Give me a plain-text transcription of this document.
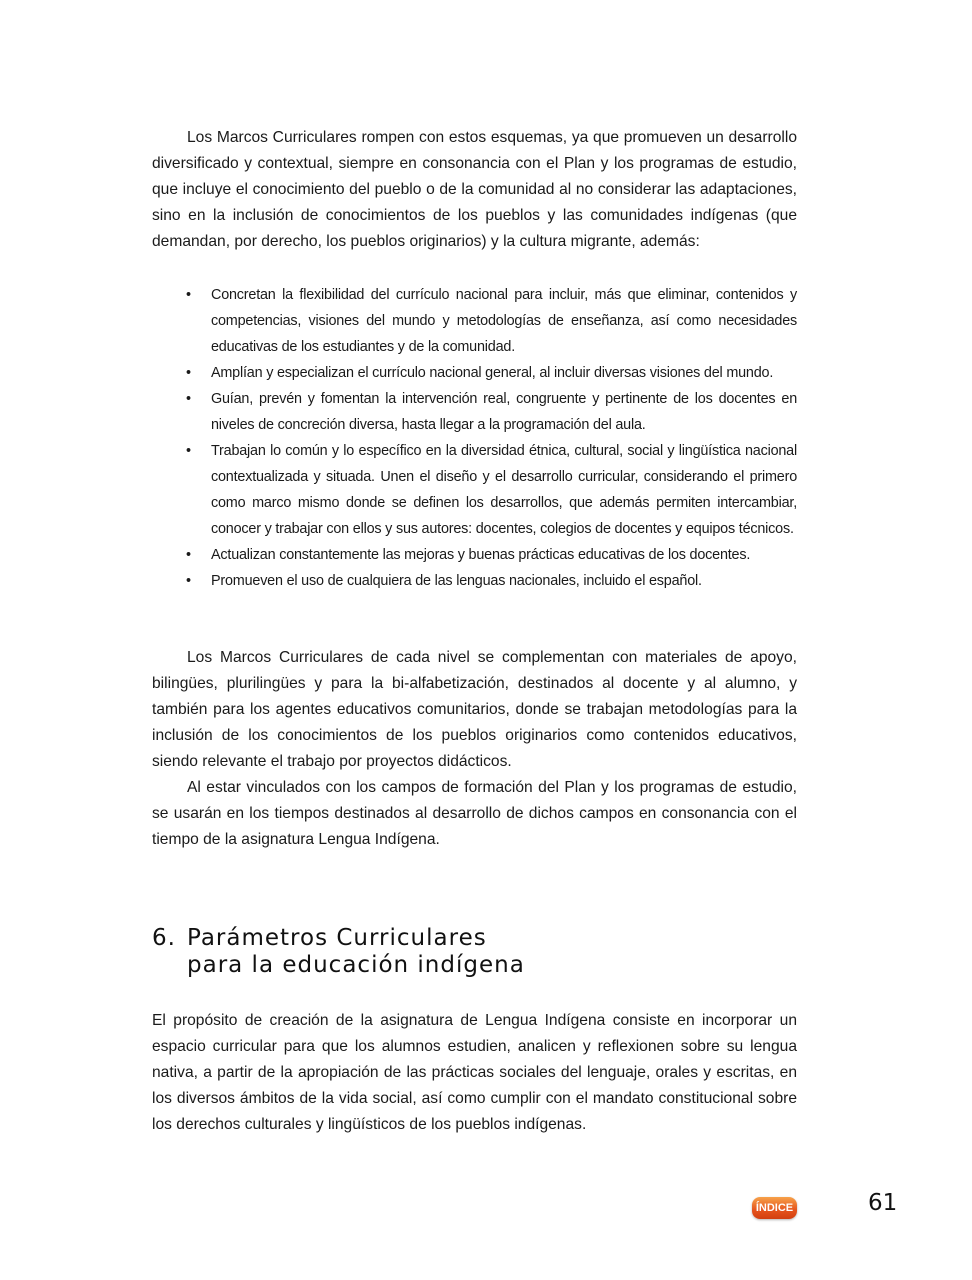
Los Marcos Curriculares rompen con estos esquemas, ya que promueven un desarrollo diversificado y contextual, siempre en consonancia con el Plan y los programas de estudio, que incluye el conocimiento del pueblo o de la comunidad al no considerar las adaptaciones, sino en la inclusión de conocimientos de los pueblos y las comunidades indígenas (que demandan, por derecho, los pueblos originarios) y la cultura migrante, además:

• Concretan la flexibilidad del currículo nacional para incluir, más que eliminar, contenidos y competencias, visiones del mundo y metodologías de enseñanza, así como necesidades educativas de los estudiantes y de la comunidad.
• Amplían y especializan el currículo nacional general, al incluir diversas visiones del mundo.
• Guían, prevén y fomentan la intervención real, congruente y pertinente de los docentes en niveles de concreción diversa, hasta llegar a la programación del aula.
• Trabajan lo común y lo específico en la diversidad étnica, cultural, social y lingüística nacional contextualizada y situada. Unen el diseño y el desarrollo curricular, considerando el primero como marco mismo donde se definen los desarrollos, que además permiten intercambiar, conocer y trabajar con ellos y sus autores: docentes, colegios de docentes y equipos técnicos.
• Actualizan constantemente las mejoras y buenas prácticas educativas de los docentes.
• Promueven el uso de cualquiera de las lenguas nacionales, incluido el español.

Los Marcos Curriculares de cada nivel se complementan con materiales de apoyo, bilingües, plurilingües y para la bi-alfabetización, destinados al docente y al alumno, y también para los agentes educativos comunitarios, donde se trabajan metodologías para la inclusión de los conocimientos de los pueblos originarios como contenidos educativos, siendo relevante el trabajo por proyectos didácticos.

Al estar vinculados con los campos de formación del Plan y los programas de estudio, se usarán en los tiempos destinados al desarrollo de dichos campos en consonancia con el tiempo de la asignatura Lengua Indígena.

6. Parámetros Curriculares
para la educación indígena

El propósito de creación de la asignatura de Lengua Indígena consiste en incorporar un espacio curricular para que los alumnos estudien, analicen y reflexionen sobre su lengua nativa, a partir de la apropiación de las prácticas sociales del lenguaje, orales y escritas, en los diversos ámbitos de la vida social, así como cumplir con el mandato constitucional sobre los derechos culturales y lingüísticos de los pueblos indígenas.

ÍNDICE	61
